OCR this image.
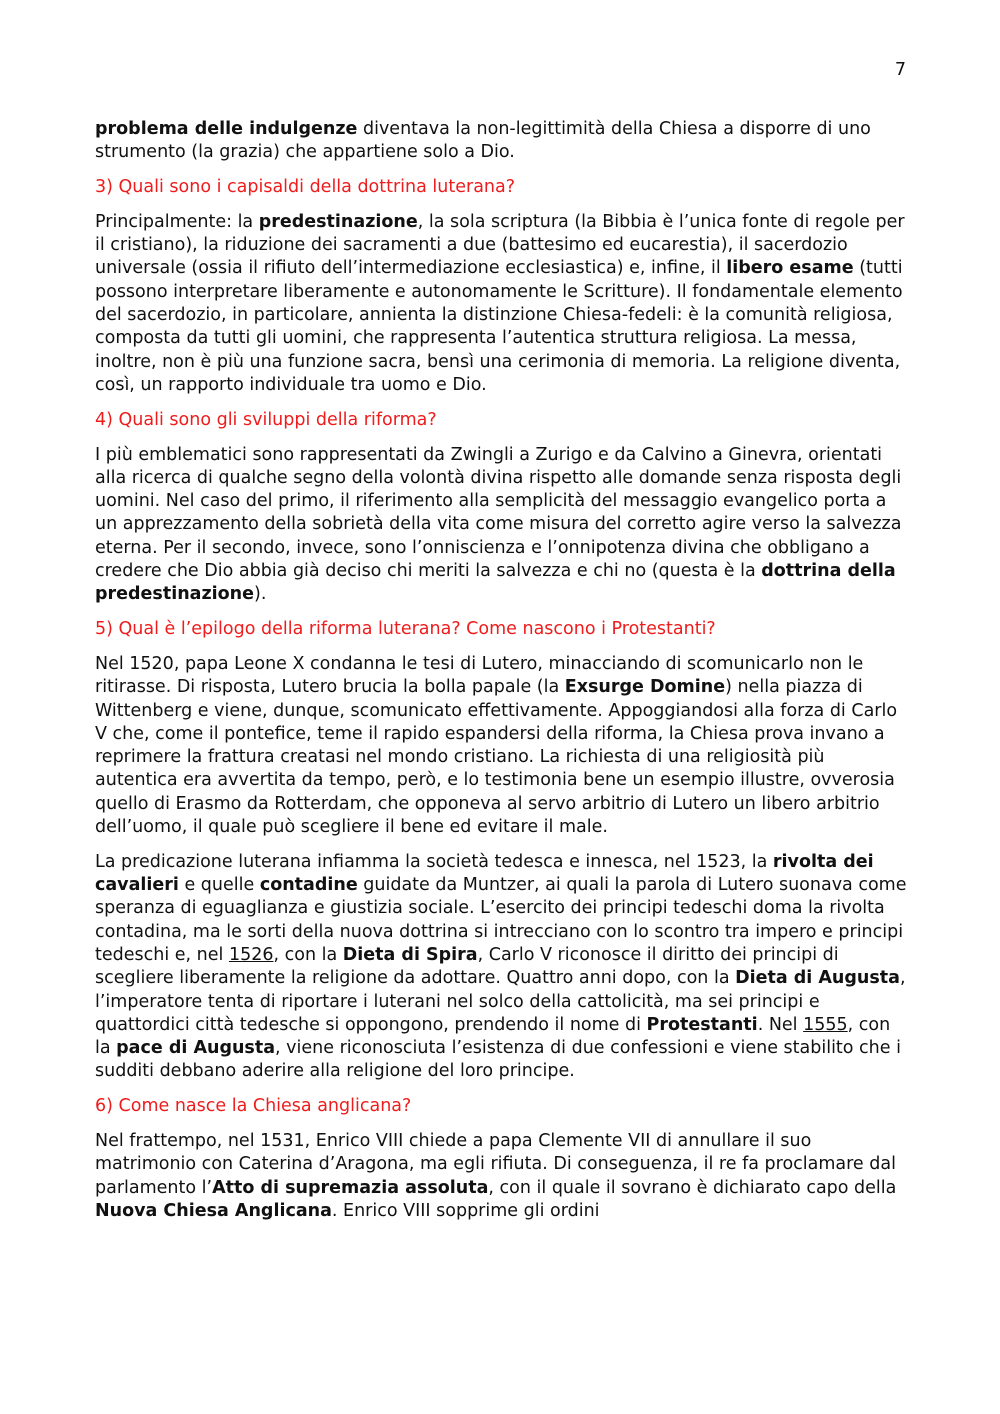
7

problema delle indulgenze diventava la non-legittimità della Chiesa a disporre di uno strumento (la grazia) che appartiene solo a Dio.

3) Quali sono i capisaldi della dottrina luterana?

Principalmente: la predestinazione, la sola scriptura (la Bibbia è l’unica fonte di regole per il cristiano), la riduzione dei sacramenti a due (battesimo ed eucarestia), il sacerdozio universale (ossia il rifiuto dell’intermediazione ecclesiastica) e, infine, il libero esame (tutti possono interpretare liberamente e autonomamente le Scritture). Il fondamentale elemento del sacerdozio, in particolare, annienta la distinzione Chiesa-fedeli: è la comunità religiosa, composta da tutti gli uomini, che rappresenta l’autentica struttura religiosa. La messa, inoltre, non è più una funzione sacra, bensì una cerimonia di memoria. La religione diventa, così, un rapporto individuale tra uomo e Dio.

4) Quali sono gli sviluppi della riforma?

I più emblematici sono rappresentati da Zwingli a Zurigo e da Calvino a Ginevra, orientati alla ricerca di qualche segno della volontà divina rispetto alle domande senza risposta degli uomini. Nel caso del primo, il riferimento alla semplicità del messaggio evangelico porta a un apprezzamento della sobrietà della vita come misura del corretto agire verso la salvezza eterna. Per il secondo, invece, sono l’onniscienza e l’onnipotenza divina che obbligano a credere che Dio abbia già deciso chi meriti la salvezza e chi no (questa è la dottrina della predestinazione).

5) Qual è l’epilogo della riforma luterana? Come nascono i Protestanti?

Nel 1520, papa Leone X condanna le tesi di Lutero, minacciando di scomunicarlo non le ritirasse. Di risposta, Lutero brucia la bolla papale (la Exsurge Domine) nella piazza di Wittenberg e viene, dunque, scomunicato effettivamente. Appoggiandosi alla forza di Carlo V che, come il pontefice, teme il rapido espandersi della riforma, la Chiesa prova invano a reprimere la frattura creatasi nel mondo cristiano. La richiesta di una religiosità più autentica era avvertita da tempo, però, e lo testimonia bene un esempio illustre, ovverosia quello di Erasmo da Rotterdam, che opponeva al servo arbitrio di Lutero un libero arbitrio dell’uomo, il quale può scegliere il bene ed evitare il male.

La predicazione luterana infiamma la società tedesca e innesca, nel 1523, la rivolta dei cavalieri e quelle contadine guidate da Muntzer, ai quali la parola di Lutero suonava come speranza di eguaglianza e giustizia sociale. L’esercito dei principi tedeschi doma la rivolta contadina, ma le sorti della nuova dottrina si intrecciano con lo scontro tra impero e principi tedeschi e, nel 1526, con la Dieta di Spira, Carlo V riconosce il diritto dei principi di scegliere liberamente la religione da adottare. Quattro anni dopo, con la Dieta di Augusta, l’imperatore tenta di riportare i luterani nel solco della cattolicità, ma sei principi e quattordici città tedesche si oppongono, prendendo il nome di Protestanti. Nel 1555, con la pace di Augusta, viene riconosciuta l’esistenza di due confessioni e viene stabilito che i sudditi debbano aderire alla religione del loro principe.

6) Come nasce la Chiesa anglicana?

Nel frattempo, nel 1531, Enrico VIII chiede a papa Clemente VII di annullare il suo matrimonio con Caterina d’Aragona, ma egli rifiuta. Di conseguenza, il re fa proclamare dal parlamento l’Atto di supremazia assoluta, con il quale il sovrano è dichiarato capo della Nuova Chiesa Anglicana. Enrico VIII sopprime gli ordini
